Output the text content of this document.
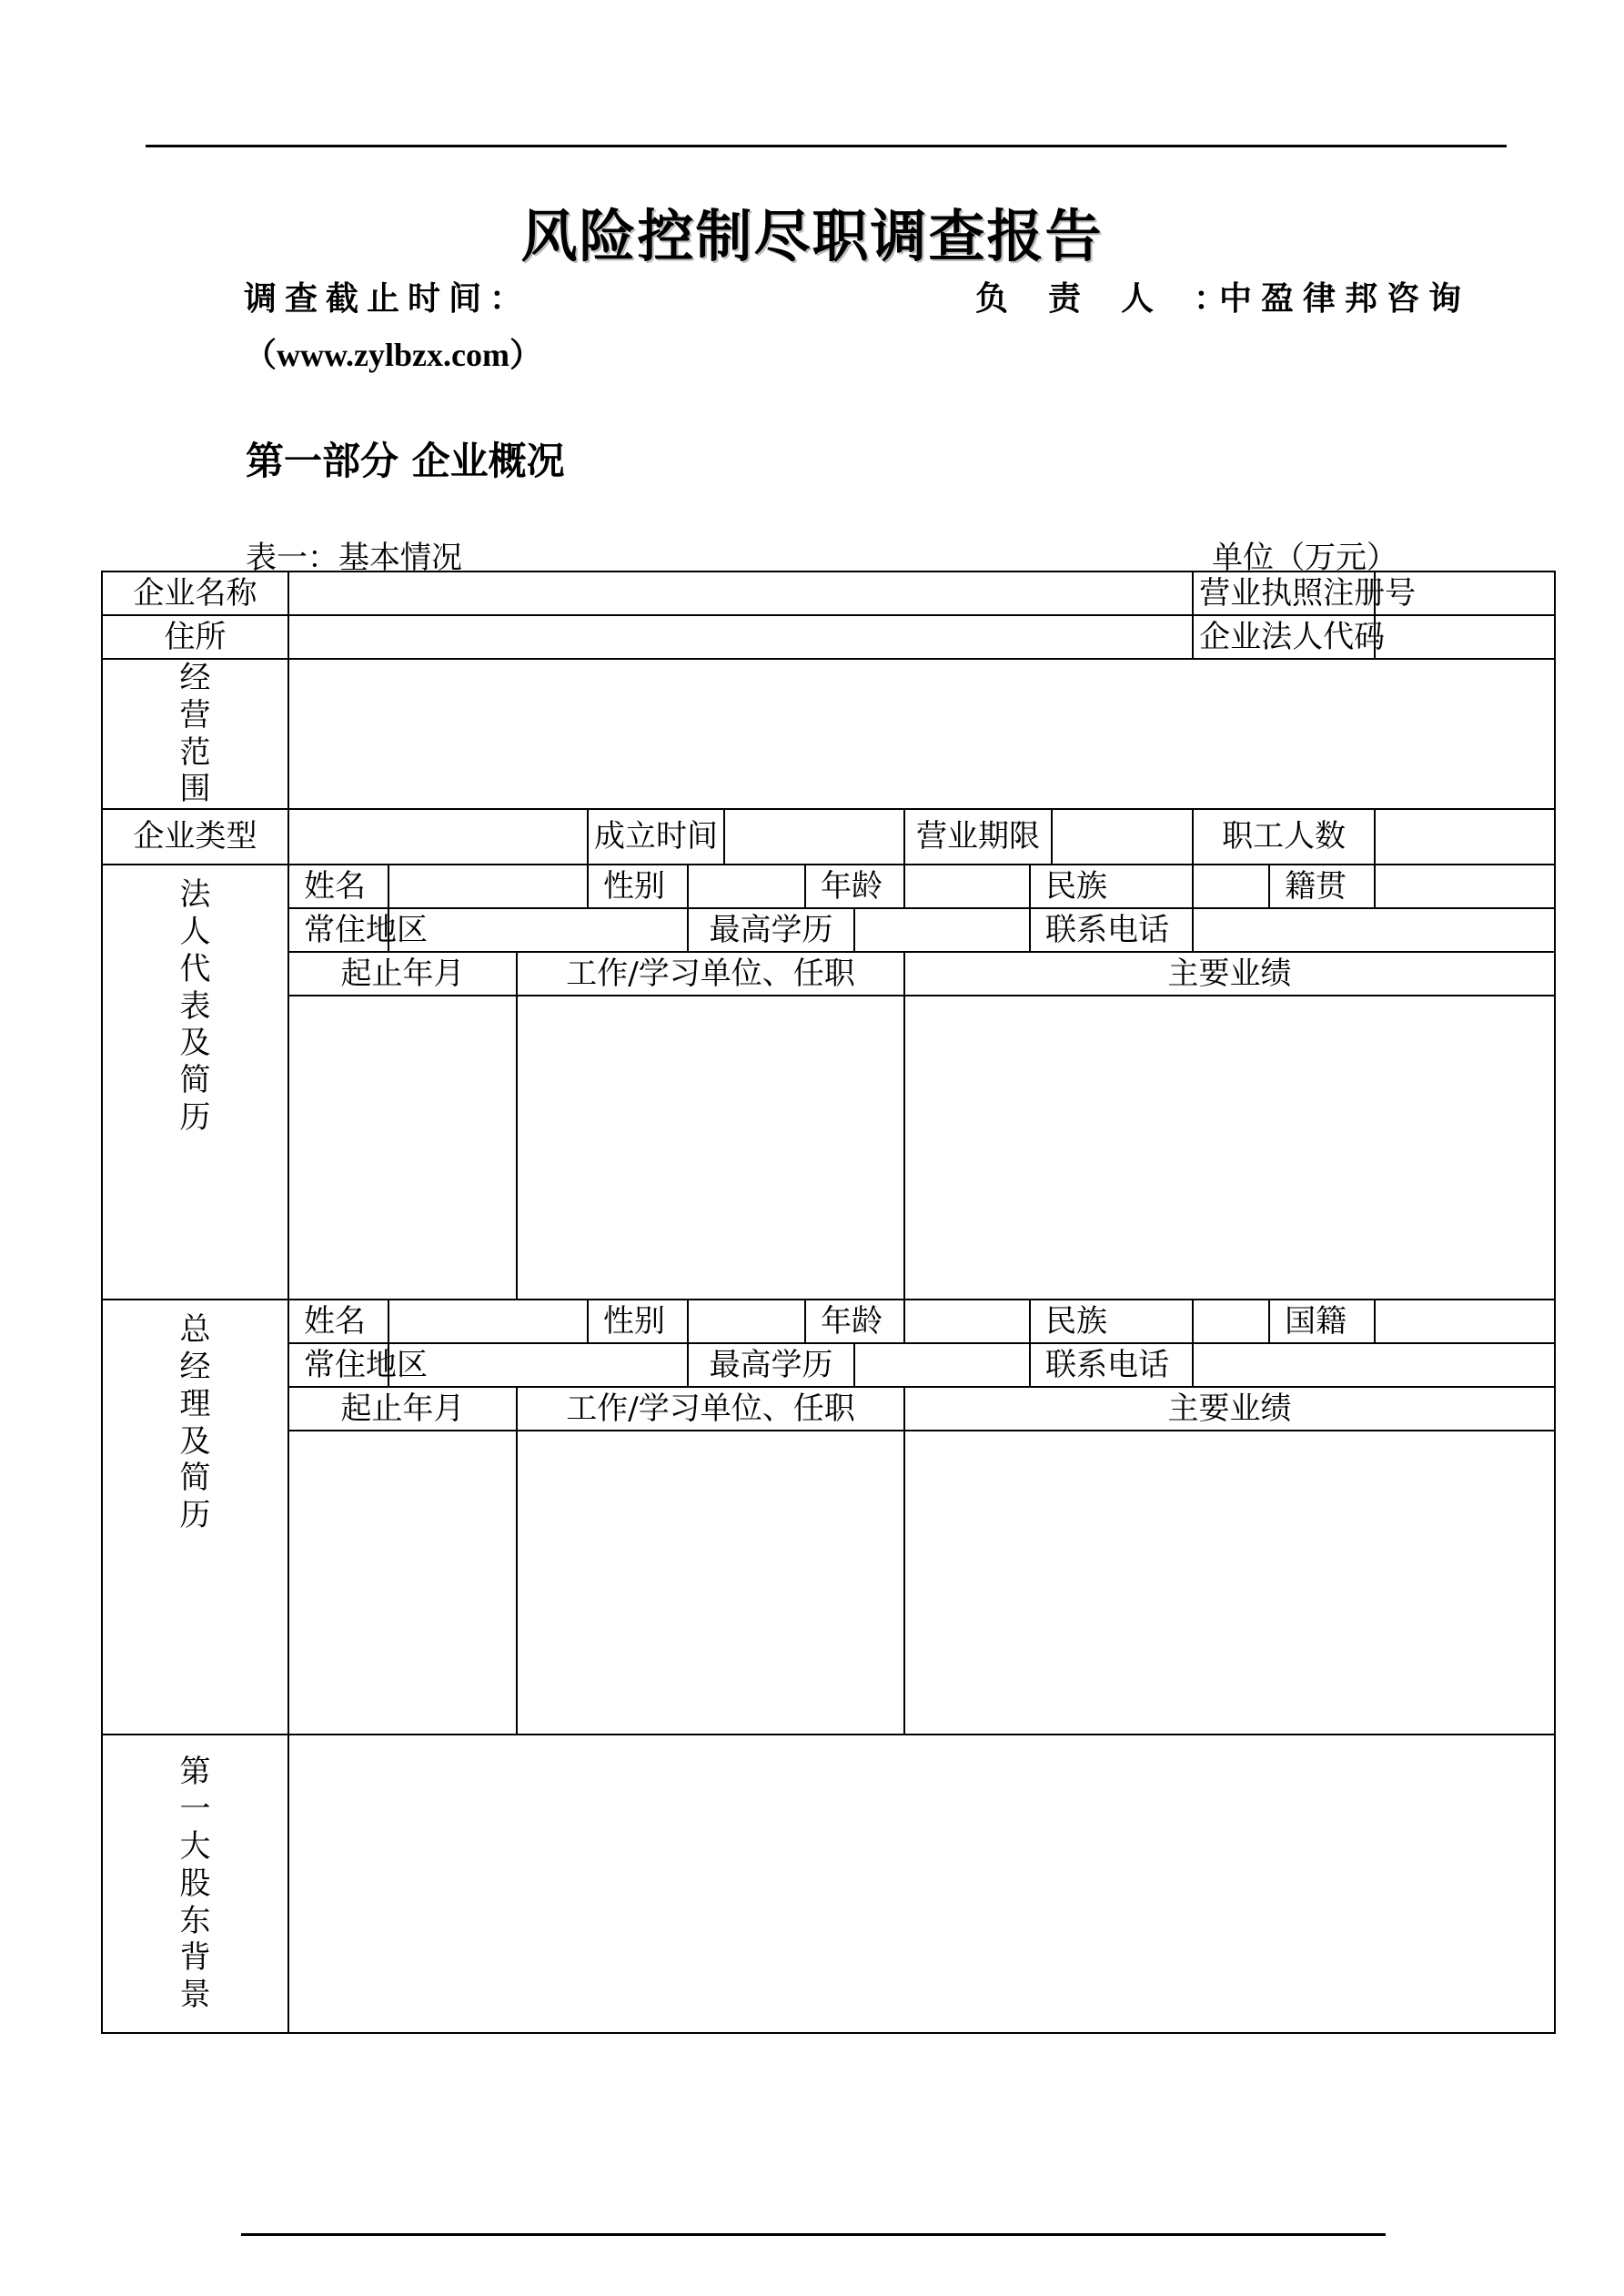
风险控制尽职调查报告
调查截止时间：	负　责　人　：
中盈律邦咨询
（www.zylbzx.com）
第一部分 企业概况
表一：基本情况	单位（万元）
企业名称												营业执照注册号		
住所												企业法人代码		
经营范围														
企业类型				成立时间					营业期限			职工人数		
法人代表及简历	姓名			性别			年龄			民族			籍贯	
	常住地区				最高学历					联系电话				
	起止年月		工作/学习单位、任职						主要业绩					

总经理及简历	姓名			性别			年龄			民族			国籍	
	常住地区				最高学历					联系电话				
	起止年月		工作/学习单位、任职						主要业绩					

第一大股东背景														
